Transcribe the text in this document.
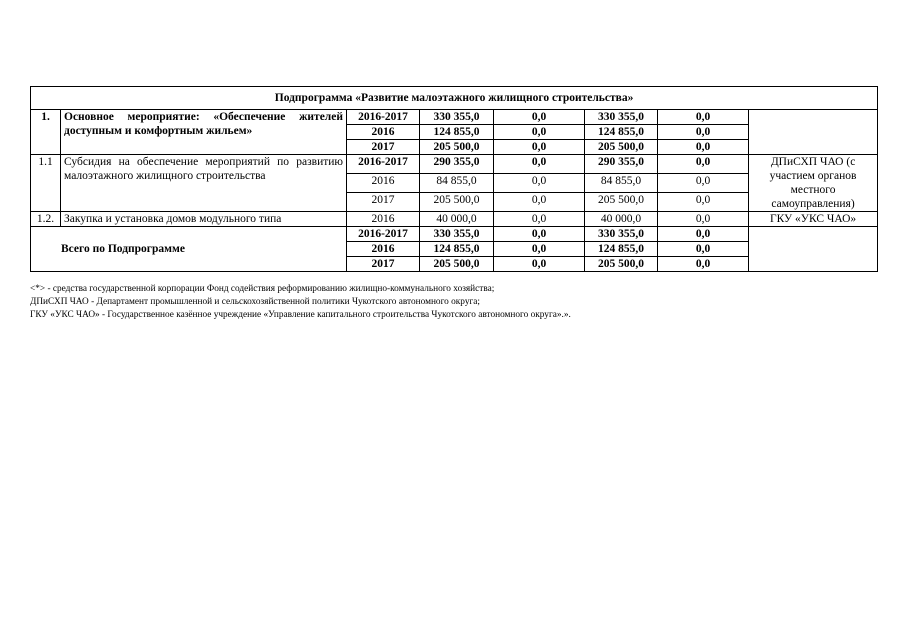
Подпрограмма «Развитие малоэтажного жилищного строительства»							
1.	Основное мероприятие: «Обеспечение жителей доступным и комфортным жильем»	2016-2017	330 355,0	0,0	330 355,0	0,0	
		2016	124 855,0	0,0	124 855,0	0,0	
		2017	205 500,0	0,0	205 500,0	0,0	
1.1	Субсидия на обеспечение мероприятий по развитию малоэтажного жилищного строительства	2016-2017	290 355,0	0,0	290 355,0	0,0	ДПиСХП ЧАО (с участием органов местного самоуправления)
		2016	84 855,0	0,0	84 855,0	0,0	
		2017	205 500,0	0,0	205 500,0	0,0	
1.2.	Закупка и установка домов модульного типа	2016	40 000,0	0,0	40 000,0	0,0	ГКУ «УКС ЧАО»
Всего по Подпрограмме		2016-2017	330 355,0	0,0	330 355,0	0,0	
		2016	124 855,0	0,0	124 855,0	0,0	
		2017	205 500,0	0,0	205 500,0	0,0	
<*> - средства государственной корпорации Фонд содействия реформированию жилищно-коммунального хозяйства;
ДПиСХП ЧАО - Департамент промышленной и сельскохозяйственной политики Чукотского автономного округа;
ГКУ «УКС ЧАО» - Государственное казённое учреждение «Управление капитального строительства Чукотского автономного округа».».
